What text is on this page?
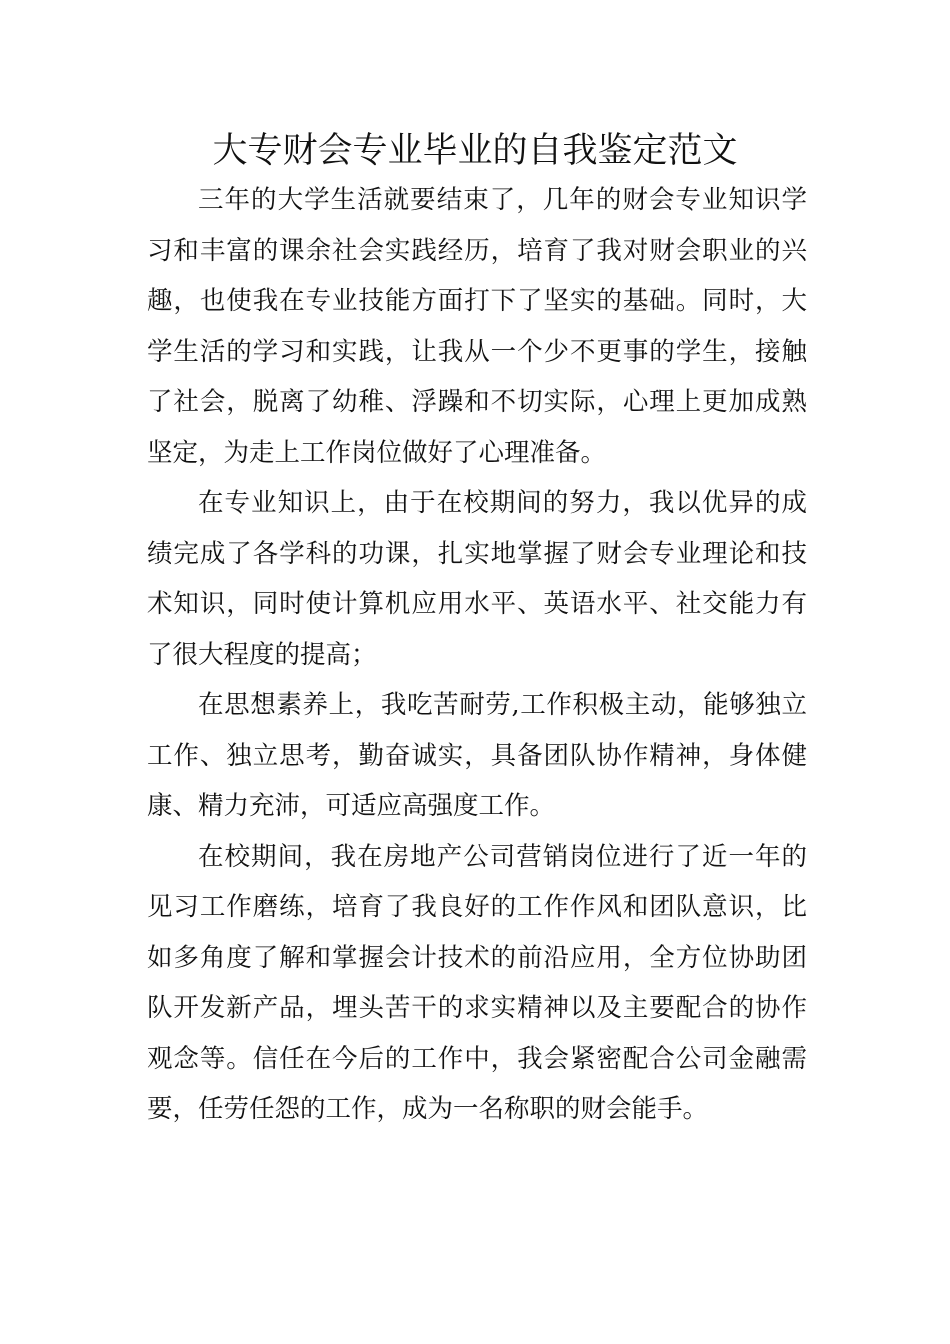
大专财会专业毕业的自我鉴定范文

三年的大学生活就要结束了，几年的财会专业知识学习和丰富的课余社会实践经历，培育了我对财会职业的兴趣，也使我在专业技能方面打下了坚实的基础。同时，大学生活的学习和实践，让我从一个少不更事的学生，接触了社会，脱离了幼稚、浮躁和不切实际，心理上更加成熟坚定，为走上工作岗位做好了心理准备。

在专业知识上，由于在校期间的努力，我以优异的成绩完成了各学科的功课，扎实地掌握了财会专业理论和技术知识，同时使计算机应用水平、英语水平、社交能力有了很大程度的提高；

在思想素养上，我吃苦耐劳,工作积极主动，能够独立工作、独立思考，勤奋诚实，具备团队协作精神，身体健康、精力充沛，可适应高强度工作。

在校期间，我在房地产公司营销岗位进行了近一年的见习工作磨练，培育了我良好的工作作风和团队意识，比如多角度了解和掌握会计技术的前沿应用，全方位协助团队开发新产品，埋头苦干的求实精神以及主要配合的协作观念等。信任在今后的工作中，我会紧密配合公司金融需要，任劳任怨的工作，成为一名称职的财会能手。
